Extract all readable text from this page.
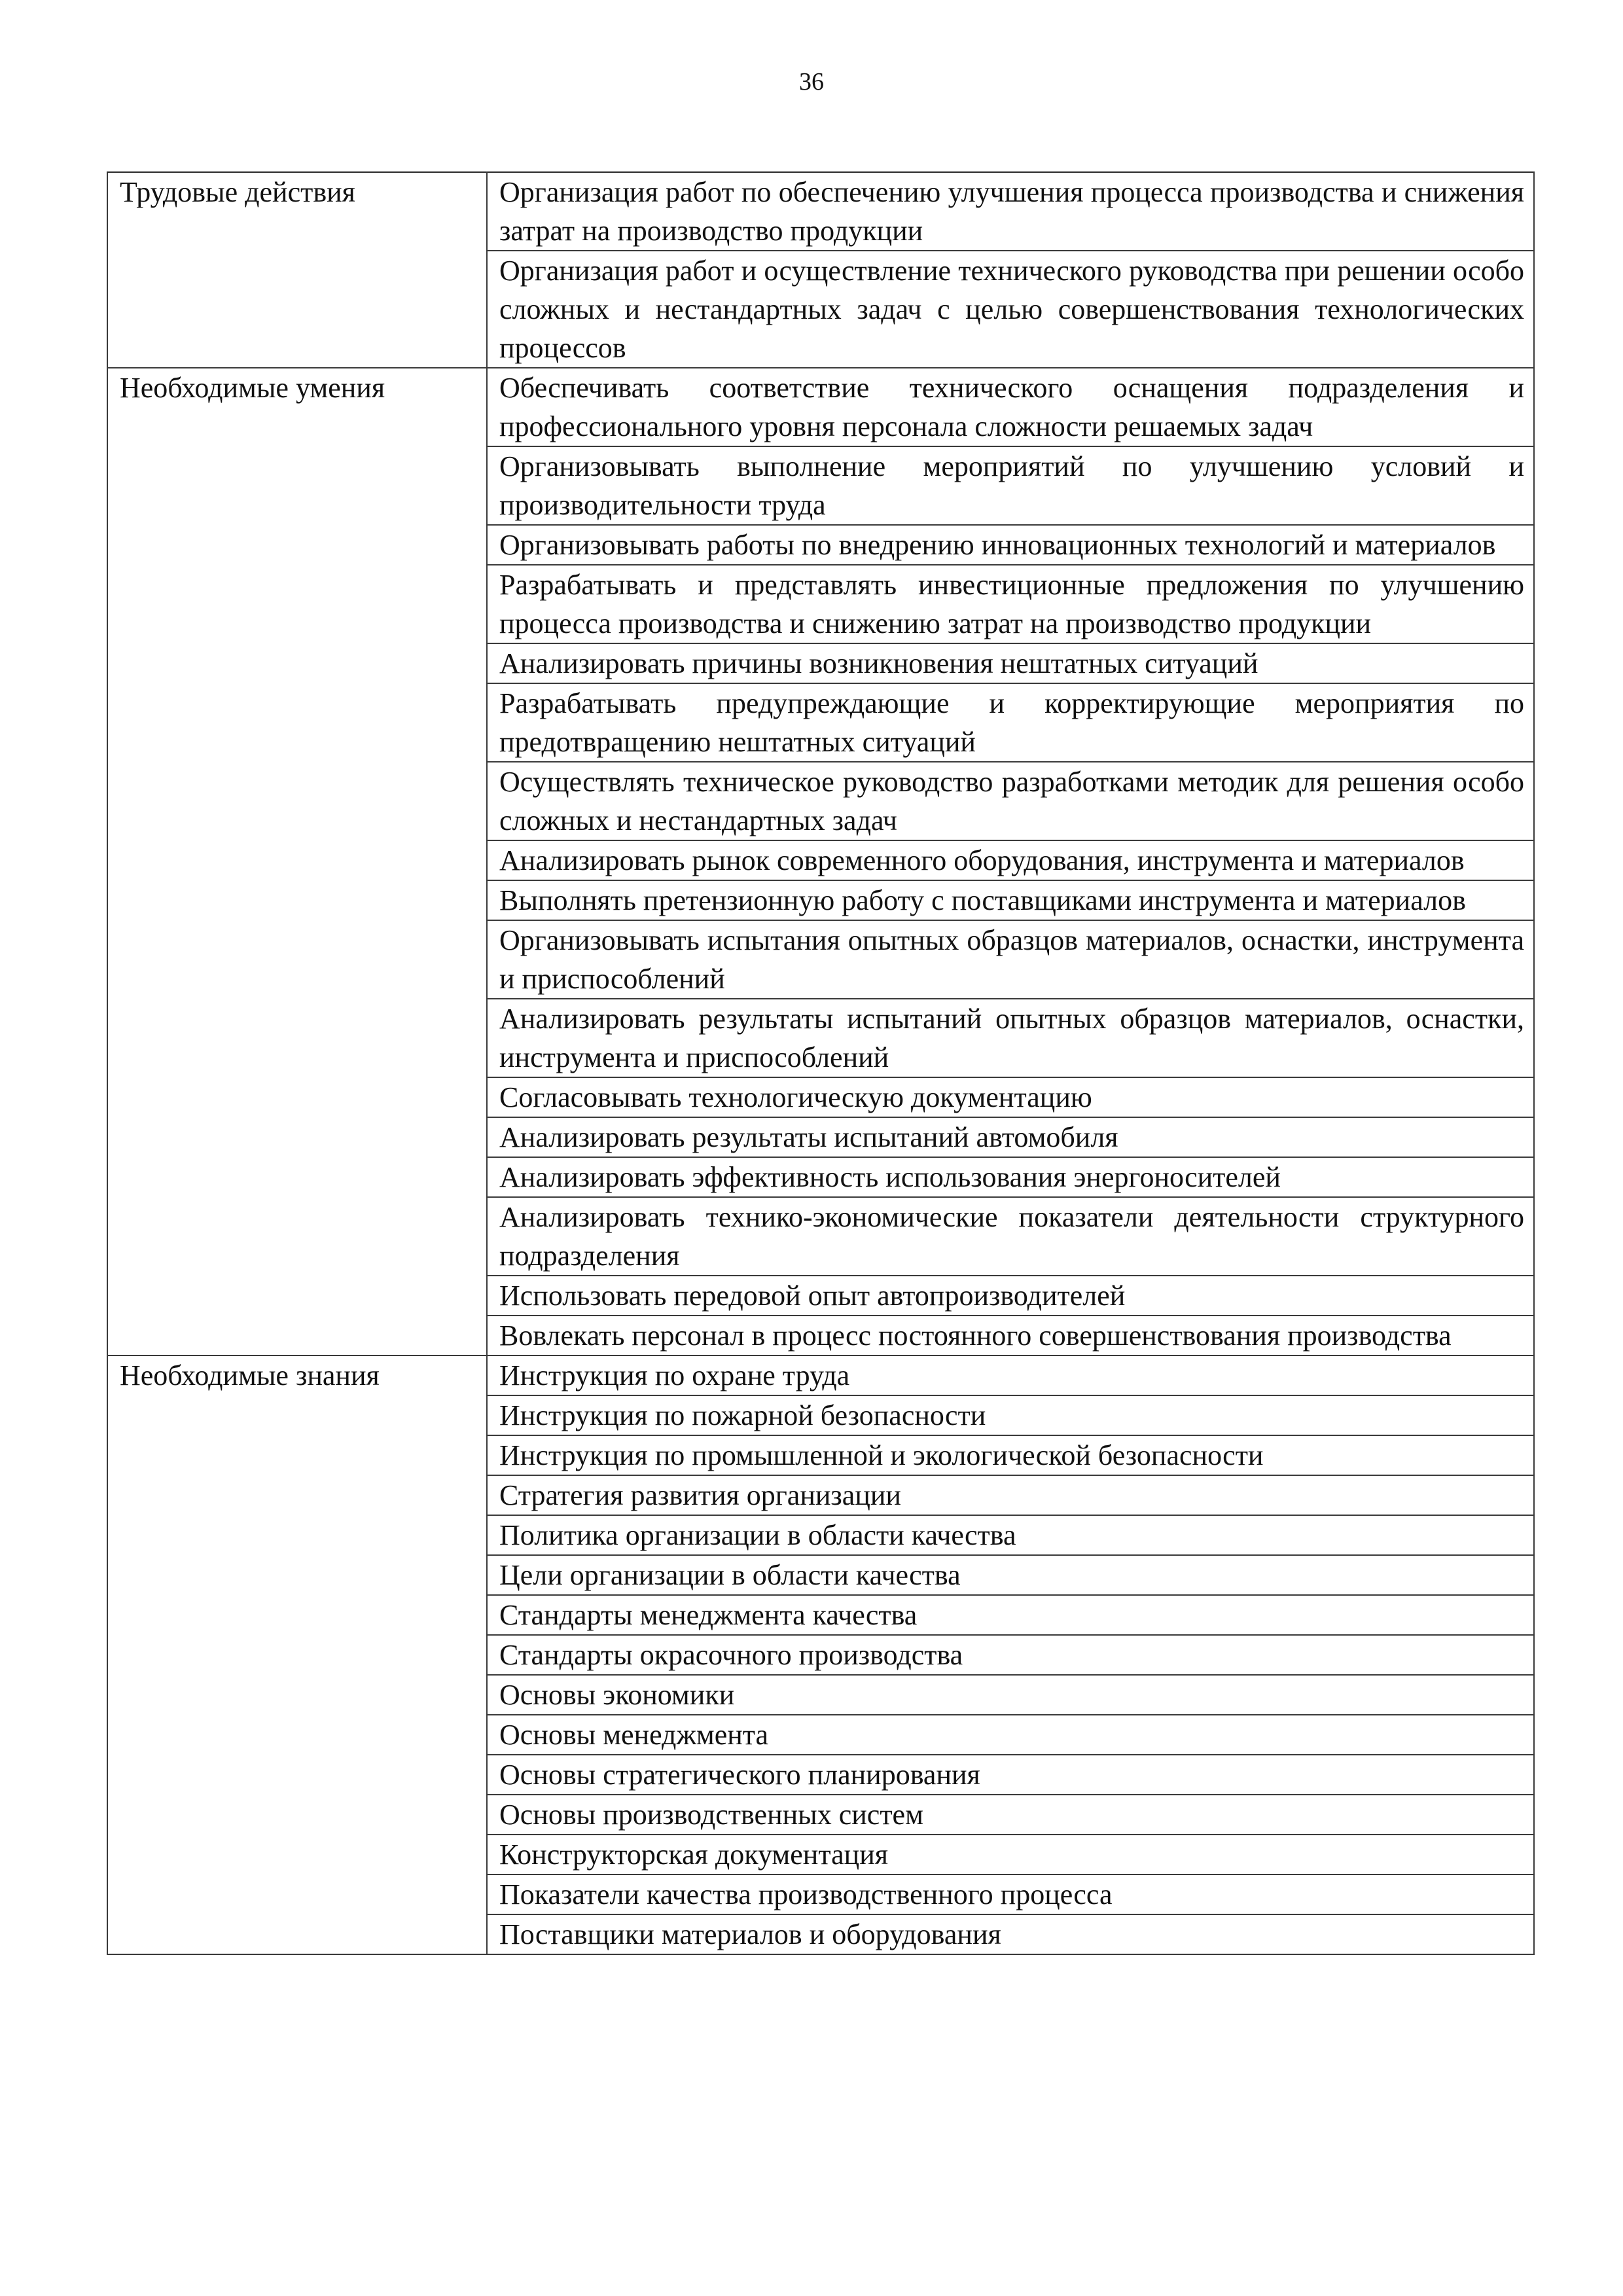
36
Трудовые действия	Организация работ по обеспечению улучшения процесса производства и снижения затрат на производство продукции
	Организация работ и осуществление технического руководства при решении особо сложных и нестандартных задач с целью совершенствования технологических процессов
Необходимые умения	Обеспечивать соответствие технического оснащения подразделения и профессионального уровня персонала сложности решаемых задач
	Организовывать выполнение мероприятий по улучшению условий и производительности труда
	Организовывать работы по внедрению инновационных технологий и материалов
	Разрабатывать и представлять инвестиционные предложения по улучшению процесса производства и снижению затрат на производство продукции
	Анализировать причины возникновения нештатных ситуаций
	Разрабатывать предупреждающие и корректирующие мероприятия по предотвращению нештатных ситуаций
	Осуществлять техническое руководство разработками методик для решения особо сложных и нестандартных задач
	Анализировать рынок современного оборудования, инструмента и материалов
	Выполнять претензионную работу с поставщиками инструмента и материалов
	Организовывать испытания опытных образцов материалов, оснастки, инструмента и приспособлений
	Анализировать результаты испытаний опытных образцов материалов, оснастки, инструмента и приспособлений
	Согласовывать технологическую документацию
	Анализировать результаты испытаний автомобиля
	Анализировать эффективность использования энергоносителей
	Анализировать технико-экономические показатели деятельности структурного подразделения
	Использовать передовой опыт автопроизводителей
	Вовлекать персонал в процесс постоянного совершенствования производства
Необходимые знания	Инструкция по охране труда
	Инструкция по пожарной безопасности
	Инструкция по промышленной и экологической безопасности
	Стратегия развития организации
	Политика организации в области качества
	Цели организации в области качества
	Стандарты менеджмента качества
	Стандарты окрасочного производства
	Основы экономики
	Основы менеджмента
	Основы стратегического планирования
	Основы производственных систем
	Конструкторская документация
	Показатели качества производственного процесса
	Поставщики материалов и оборудования
